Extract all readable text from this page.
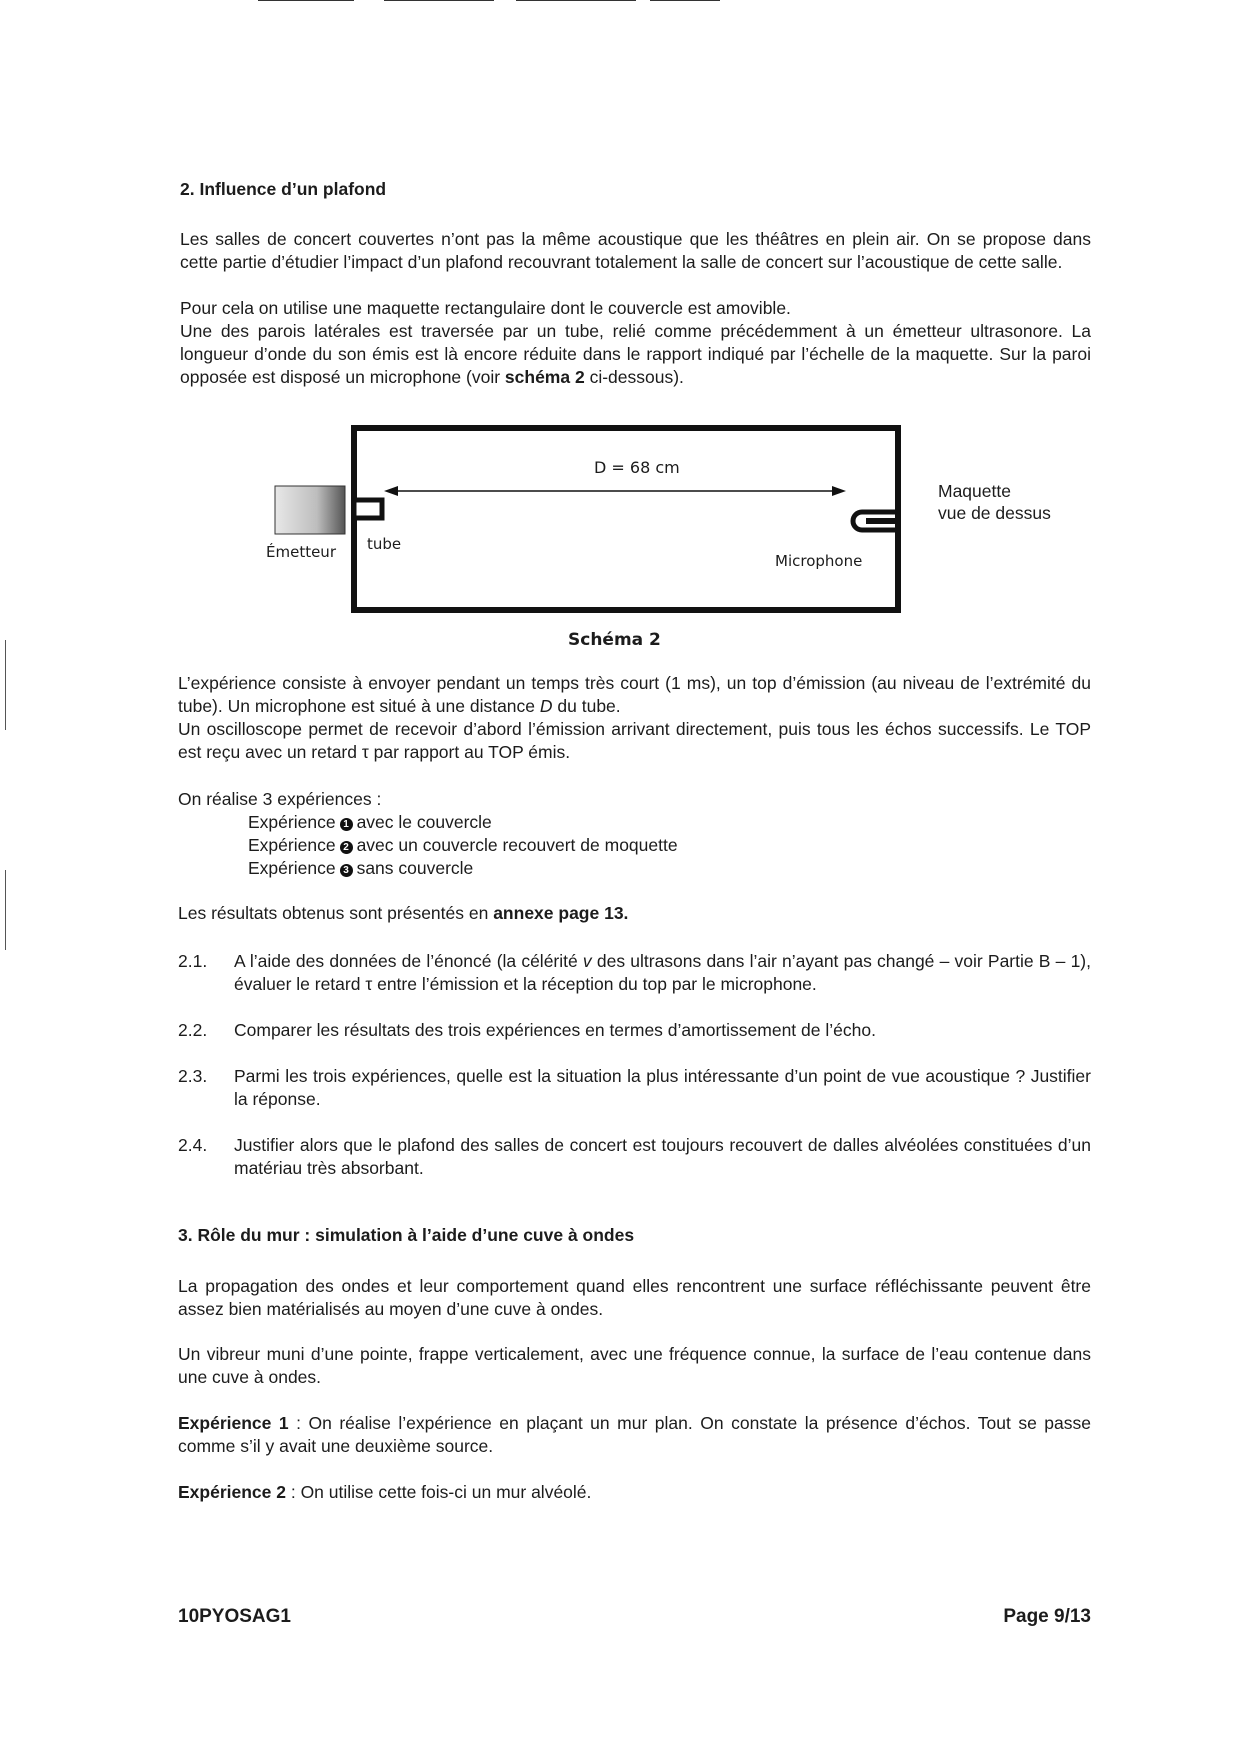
2. Influence d’un plafond
Les salles de concert couvertes n’ont pas la même acoustique que les théâtres en plein air. On se propose dans cette partie d’étudier l’impact d’un plafond recouvrant totalement la salle de concert sur l’acoustique de cette salle.
Pour cela on utilise une maquette rectangulaire dont le couvercle est amovible.
Une des parois latérales est traversée par un tube, relié comme précédemment à un émetteur ultrasonore. La longueur d’onde du son émis est là encore réduite dans le rapport indiqué par l’échelle de la maquette. Sur la paroi opposée est disposé un microphone (voir schéma 2 ci-dessous).
D = 68 cm
Émetteur tube
Microphone
Maquette
vue de dessus
Schéma 2
L’expérience consiste à envoyer pendant un temps très court (1 ms), un top d’émission (au niveau de l’extrémité du tube). Un microphone est situé à une distance D du tube.
Un oscilloscope permet de recevoir d’abord l’émission arrivant directement, puis tous les échos successifs. Le TOP est reçu avec un retard τ par rapport au TOP émis.
On réalise 3 expériences :
Expérience 1 avec le couvercle
Expérience 2 avec un couvercle recouvert de moquette
Expérience 3 sans couvercle
Les résultats obtenus sont présentés en annexe page 13.
2.1. A l’aide des données de l’énoncé (la célérité v des ultrasons dans l’air n’ayant pas changé – voir Partie B – 1), évaluer le retard τ entre l’émission et la réception du top par le microphone.
2.2. Comparer les résultats des trois expériences en termes d’amortissement de l’écho.
2.3. Parmi les trois expériences, quelle est la situation la plus intéressante d’un point de vue acoustique ? Justifier la réponse.
2.4. Justifier alors que le plafond des salles de concert est toujours recouvert de dalles alvéolées constituées d’un matériau très absorbant.
3. Rôle du mur : simulation à l’aide d’une cuve à ondes
La propagation des ondes et leur comportement quand elles rencontrent une surface réfléchissante peuvent être assez bien matérialisés au moyen d’une cuve à ondes.
Un vibreur muni d’une pointe, frappe verticalement, avec une fréquence connue, la surface de l’eau contenue dans une cuve à ondes.
Expérience 1 : On réalise l’expérience en plaçant un mur plan. On constate la présence d’échos. Tout se passe comme s’il y avait une deuxième source.
Expérience 2 : On utilise cette fois-ci un mur alvéolé.
10PYOSAG1	Page 9/13
